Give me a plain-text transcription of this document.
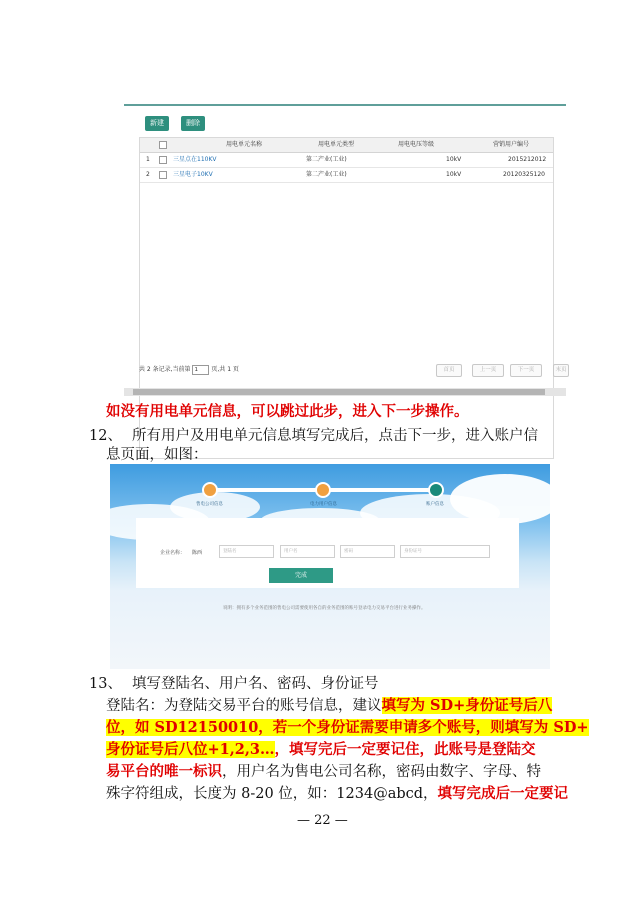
新建	删除
用电单元名称	用电单元类型	用电电压等级	营销用户编号
1	三星点在110KV	第二产业(工业)	10kV	2015212012
2	三星电子10KV	第二产业(工业)	10kV	20120325120
共 2 条记录,当前第 1 页,共 1 页	首页	上一页	下一页	末页
如没有用电单元信息，可以跳过此步，进入下一步操作。
12、 所有用户及用电单元信息填写完成后，点击下一步，进入账户信
息页面，如图：
售电公司信息	电力用户信息	账户信息
企业名称： 陈西	登陆名	用户名	密码	身份证号
完成
说明：拥有多个业务范围的售电公司需要使用各自的业务范围的账号登录电力交易平台进行业务操作。
13、 填写登陆名、用户名、密码、身份证号
登陆名：为登陆交易平台的账号信息，建议填写为 SD+身份证号后八
位，如 SD12150010，若一个身份证需要申请多个账号，则填写为 SD+
身份证号后八位+1,2,3…，填写完后一定要记住，此账号是登陆交
易平台的唯一标识，用户名为售电公司名称，密码由数字、字母、特
殊字符组成，长度为 8-20 位，如：1234@abcd，填写完成后一定要记
— 22 —
